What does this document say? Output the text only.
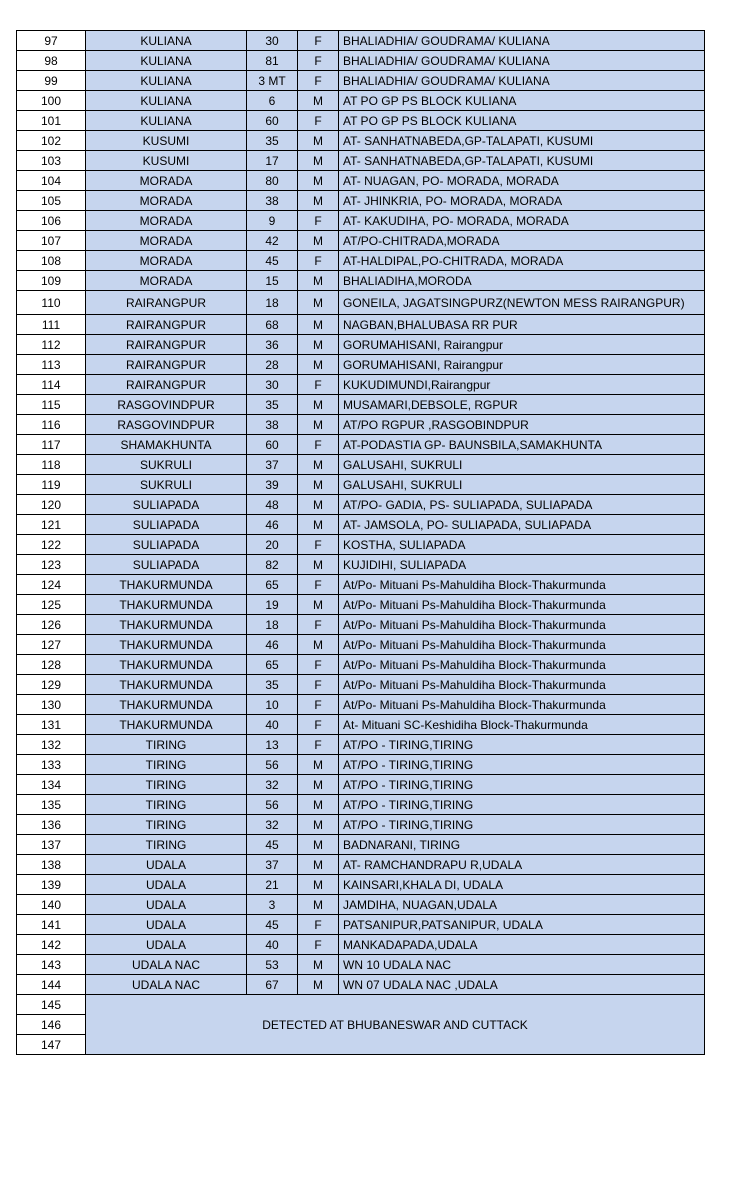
97	KULIANA	30	F	BHALIADHIA/ GOUDRAMA/ KULIANA
98	KULIANA	81	F	BHALIADHIA/ GOUDRAMA/ KULIANA
99	KULIANA	3 MT	F	BHALIADHIA/ GOUDRAMA/ KULIANA
100	KULIANA	6	M	AT PO GP PS BLOCK KULIANA
101	KULIANA	60	F	AT PO GP PS BLOCK KULIANA
102	KUSUMI	35	M	AT- SANHATNABEDA,GP-TALAPATI, KUSUMI
103	KUSUMI	17	M	AT- SANHATNABEDA,GP-TALAPATI, KUSUMI
104	MORADA	80	M	AT- NUAGAN, PO- MORADA, MORADA
105	MORADA	38	M	AT- JHINKRIA, PO- MORADA, MORADA
106	MORADA	9	F	AT- KAKUDIHA, PO- MORADA, MORADA
107	MORADA	42	M	AT/PO-CHITRADA,MORADA
108	MORADA	45	F	AT-HALDIPAL,PO-CHITRADA, MORADA
109	MORADA	15	M	BHALIADIHA,MORODA
110	RAIRANGPUR	18	M	GONEILA, JAGATSINGPURZ(NEWTON MESS RAIRANGPUR)
111	RAIRANGPUR	68	M	NAGBAN,BHALUBASA RR PUR
112	RAIRANGPUR	36	M	GORUMAHISANI, Rairangpur
113	RAIRANGPUR	28	M	GORUMAHISANI, Rairangpur
114	RAIRANGPUR	30	F	KUKUDIMUNDI,Rairangpur
115	RASGOVINDPUR	35	M	MUSAMARI,DEBSOLE, RGPUR
116	RASGOVINDPUR	38	M	AT/PO RGPUR ,RASGOBINDPUR
117	SHAMAKHUNTA	60	F	AT-PODASTIA GP- BAUNSBILA,SAMAKHUNTA
118	SUKRULI	37	M	GALUSAHI, SUKRULI
119	SUKRULI	39	M	GALUSAHI, SUKRULI
120	SULIAPADA	48	M	AT/PO- GADIA, PS- SULIAPADA, SULIAPADA
121	SULIAPADA	46	M	AT- JAMSOLA, PO- SULIAPADA, SULIAPADA
122	SULIAPADA	20	F	KOSTHA, SULIAPADA
123	SULIAPADA	82	M	KUJIDIHI, SULIAPADA
124	THAKURMUNDA	65	F	At/Po- Mituani Ps-Mahuldiha Block-Thakurmunda
125	THAKURMUNDA	19	M	At/Po- Mituani Ps-Mahuldiha Block-Thakurmunda
126	THAKURMUNDA	18	F	At/Po- Mituani Ps-Mahuldiha Block-Thakurmunda
127	THAKURMUNDA	46	M	At/Po- Mituani Ps-Mahuldiha Block-Thakurmunda
128	THAKURMUNDA	65	F	At/Po- Mituani Ps-Mahuldiha Block-Thakurmunda
129	THAKURMUNDA	35	F	At/Po- Mituani Ps-Mahuldiha Block-Thakurmunda
130	THAKURMUNDA	10	F	At/Po- Mituani Ps-Mahuldiha Block-Thakurmunda
131	THAKURMUNDA	40	F	At- Mituani SC-Keshidiha Block-Thakurmunda
132	TIRING	13	F	AT/PO - TIRING,TIRING
133	TIRING	56	M	AT/PO - TIRING,TIRING
134	TIRING	32	M	AT/PO - TIRING,TIRING
135	TIRING	56	M	AT/PO - TIRING,TIRING
136	TIRING	32	M	AT/PO - TIRING,TIRING
137	TIRING	45	M	BADNARANI, TIRING
138	UDALA	37	M	AT- RAMCHANDRAPU R,UDALA
139	UDALA	21	M	KAINSARI,KHALA DI, UDALA
140	UDALA	3	M	JAMDIHA, NUAGAN,UDALA
141	UDALA	45	F	PATSANIPUR,PATSANIPUR, UDALA
142	UDALA	40	F	MANKADAPADA,UDALA
143	UDALA NAC	53	M	WN 10 UDALA NAC
144	UDALA NAC	67	M	WN 07 UDALA NAC ,UDALA
145	DETECTED AT BHUBANESWAR AND CUTTACK			
146				
147				
